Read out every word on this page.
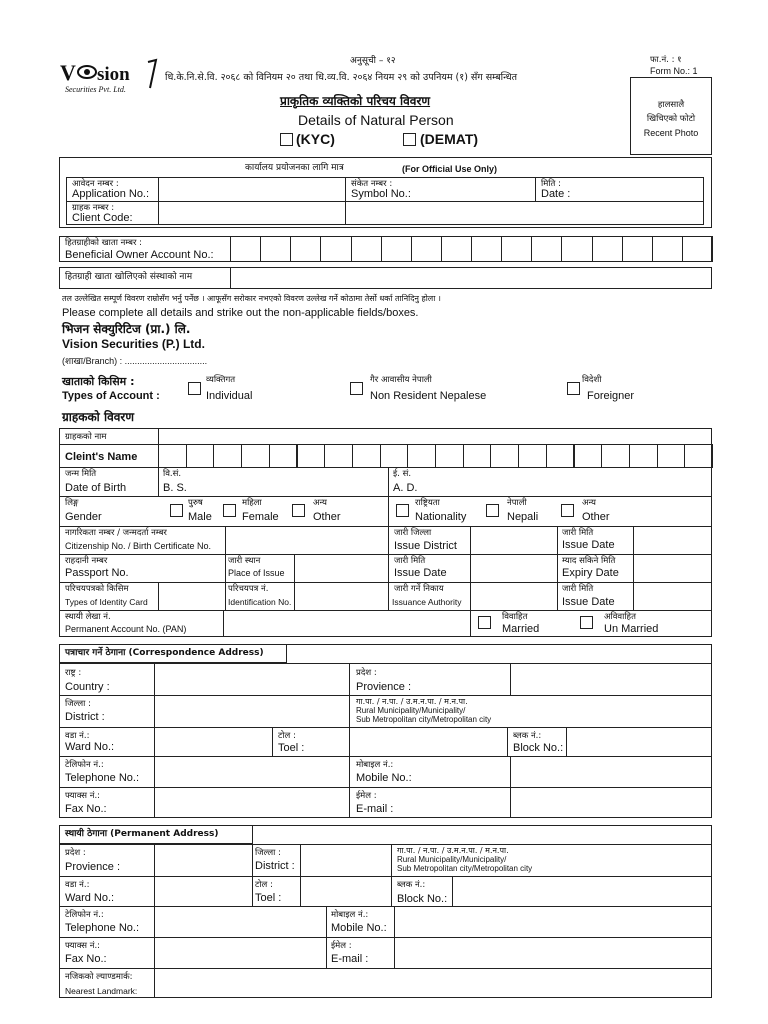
V sion
Securities Pvt. Ltd.
अनुसूची – १२
धि.के.नि.से.वि. २०६८ को विनियम २० तथा धि.व्य.वि. २०६४ नियम २९ को उपनियम (१) सँग सम्बन्धित
प्राकृतिक व्यक्तिको परिचय विवरण
Details of Natural Person
(KYC)	(DEMAT)
फा.नं. : १
Form No.: 1
हालसालै
खिचिएको फोटो
Recent Photo
कार्यालय प्रयोजनका लागि मात्र	(For Official Use Only)
आवेदन नम्बर :
Application No.:
संकेत नम्बर :
Symbol No.:
मिति :
Date :
ग्राहक नम्बर :
Client Code:
हितग्राहीको खाता नम्बर :
Beneficial Owner Account No.:
हितग्राही खाता खोलिएको संस्थाको नाम
तल उल्लेखित सम्पूर्ण विवरण राम्रोसँग भर्नु पर्नेछ । आफूसँग सरोकार नभएको विवरण उल्लेख गर्ने कोठामा तेर्सो धर्का तानिदिनु होला ।
Please complete all details and strike out the non-applicable fields/boxes.
भिजन सेक्युरिटिज (प्रा.) लि.
Vision Securities (P.) Ltd.
(शाखा/Branch) : .................................
खाताको किसिम :
Types of Account :
व्यक्तिगत
Individual
गैर आवासीय नेपाली
Non Resident Nepalese
विदेशी
Foreigner
ग्राहकको विवरण
ग्राहकको नाम
Cleint's Name
जन्म मिति
Date of Birth
वि.सं.
B. S.
ई. सं.
A. D.
लिङ्ग
Gender
पुरुष
Male
महिला
Female
अन्य
Other
राष्ट्रियता
Nationality
नेपाली
Nepali
अन्य
Other
नागरिकता नम्बर / जन्मदर्ता नम्बर
Citizenship No. / Birth Certificate No.
जारी जिल्ला
Issue District
जारी मिति
Issue Date
राहदानी नम्बर
Passport No.
जारी स्थान
Place of Issue
जारी मिति
Issue Date
म्याद सकिने मिति
Expiry Date
परिचयपत्रको किसिम
Types of Identity Card
परिचयपत्र नं.
Identification No.
जारी गर्ने निकाय
Issuance Authority
जारी मिति
Issue Date
स्थायी लेखा नं.
Permanent Account No. (PAN)
विवाहित
Married
अविवाहित
Un Married
पत्राचार गर्ने ठेगाना (Correspondence Address)
राष्ट्र :
Country :
प्रदेश :
Provience :
जिल्ला :
District :
गा.पा. / न.पा. / उ.म.न.पा. / म.न.पा.
Rural Municipality/Municipality/
Sub Metropolitan city/Metropolitan city
वडा नं.:
Ward No.:
टोल :
Toel :
ब्लक नं.:
Block No.:
टेलिफोन नं.:
Telephone No.:
मोबाइल नं.:
Mobile No.:
फ्याक्स नं.:
Fax No.:
ईमेल :
E-mail :
स्थायी ठेगाना (Permanent Address)
प्रदेश :
Provience :
जिल्ला :
District :
गा.पा. / न.पा. / उ.म.न.पा. / म.न.पा.
Rural Municipality/Municipality/
Sub Metropolitan city/Metropolitan city
वडा नं.:
Ward No.:
टोल :
Toel :
ब्लक नं.:
Block No.:
टेलिफोन नं.:
Telephone No.:
मोबाइल नं.:
Mobile No.:
फ्याक्स नं.:
Fax No.:
ईमेल :
E-mail :
नजिकको ल्याण्डमार्क:
Nearest Landmark:
